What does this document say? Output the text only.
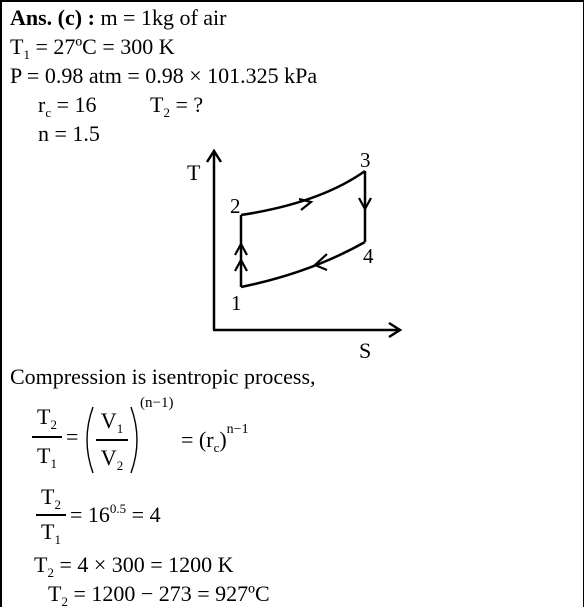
Ans. (c) : m = 1kg of air
$T_1$ = 27ºC = 300 K
P = 0.98 atm = 0.98 × 101.325 kPa
$r_c = 16$ $T_2$ = ?
n = 1.5
T
S
1
2
3
4
Compression is isentropic process,
$T_2$
$T_1$
=
$V_1$
$V_2$
(n−1)
= $(r_c)^{n-1}$
$T_2$
$T_1$
= $16^{0.5} = 4$
$T_2 = 4 \times 300 = 1200$ K
$T_2 = 1200 - 273$ = 927ºC
